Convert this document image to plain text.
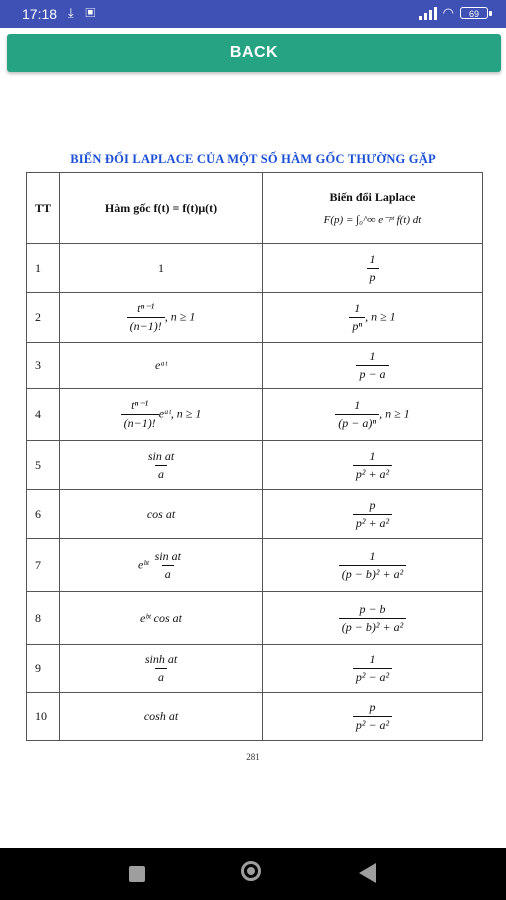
17:18 ⤓ ▣	◠	69
BACK
BIẾN ĐỔI LAPLACE CỦA MỘT SỐ HÀM GỐC THƯỜNG GẶP
TT	Hàm gốc f(t) = f(t)μ(t)	Biến đổi Laplace
F(p) = ∫₀^∞ e⁻ᵖᵗ f(t) dt

1	1	$\frac{1}{p}$

2	$\frac{\text{tⁿ⁻¹}}{(n-1)!}$ , n ≥ 1	$\frac{1}{\text{pⁿ}}$ , n ≥ 1
3	eᵃᵗ	$\frac{1}{p - a}$

4	$\frac{\text{tⁿ⁻¹}}{(n-1)!}$ eᵃᵗ, n ≥ 1	$\frac{1}{\text{(p − a)ⁿ}}$ , n ≥ 1
5	$\frac{\text{sin at}}{a}$	$\frac{1}{\text{p² + a²}}$

6	cos at	$\frac{p}{\text{p² + a²}}$

7	eᵇᵗ $\frac{\text{sin at}}{a}$	$\frac{1}{\text{(p − b)² + a²}}$

8	eᵇᵗ cos at	$\frac{p - b}{\text{(p − b)² + a²}}$

9	$\frac{\text{sinh at}}{a}$	$\frac{1}{\text{p² − a²}}$

10	cosh at	$\frac{p}{\text{p² − a²}}$
281
